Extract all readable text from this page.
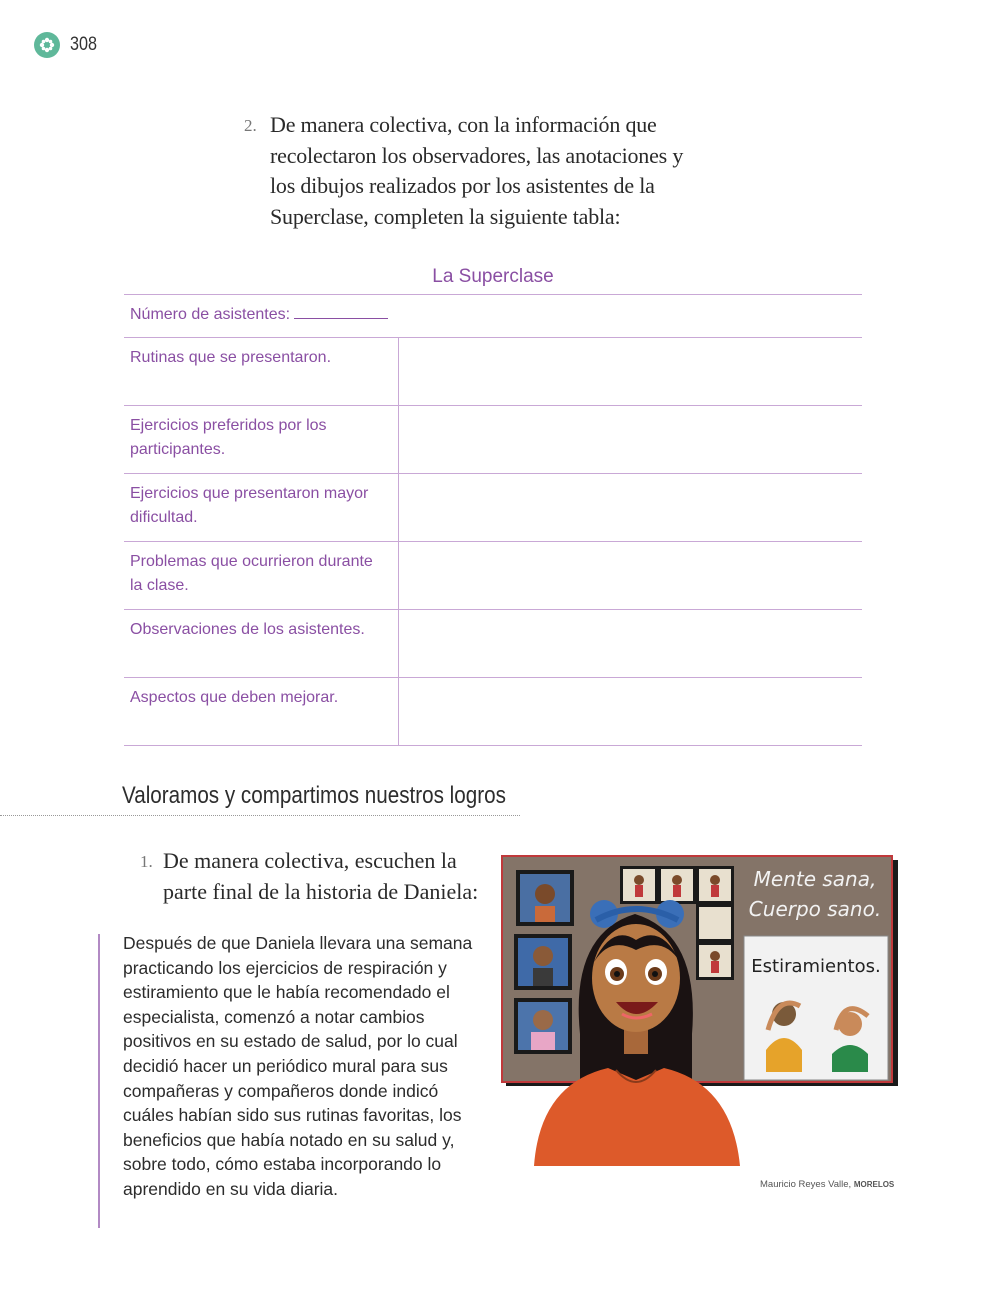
308
2. De manera colectiva, con la información que recolectaron los observadores, las anotaciones y los dibujos realizados por los asistentes de la Superclase, completen la siguiente tabla:
La Superclase
Número de asistentes:
Rutinas que se presentaron.
Ejercicios preferidos por los participantes.
Ejercicios que presentaron mayor dificultad.
Problemas que ocurrieron durante la clase.
Observaciones de los asistentes.
Aspectos que deben mejorar.
Valoramos y compartimos nuestros logros
1. De manera colectiva, escuchen la parte final de la historia de Daniela:
Después de que Daniela llevara una semana practicando los ejercicios de respiración y estiramiento que le había recomendado el especialista, comenzó a notar cambios positivos en su estado de salud, por lo cual decidió hacer un periódico mural para sus compañeras y compañeros donde indicó cuáles habían sido sus rutinas favoritas, los beneficios que había notado en su salud y, sobre todo, cómo estaba incorporando lo aprendido en su vida diaria.
Mente sana,
Cuerpo sano.
Estiramientos.
Mauricio Reyes Valle, MORELOS
